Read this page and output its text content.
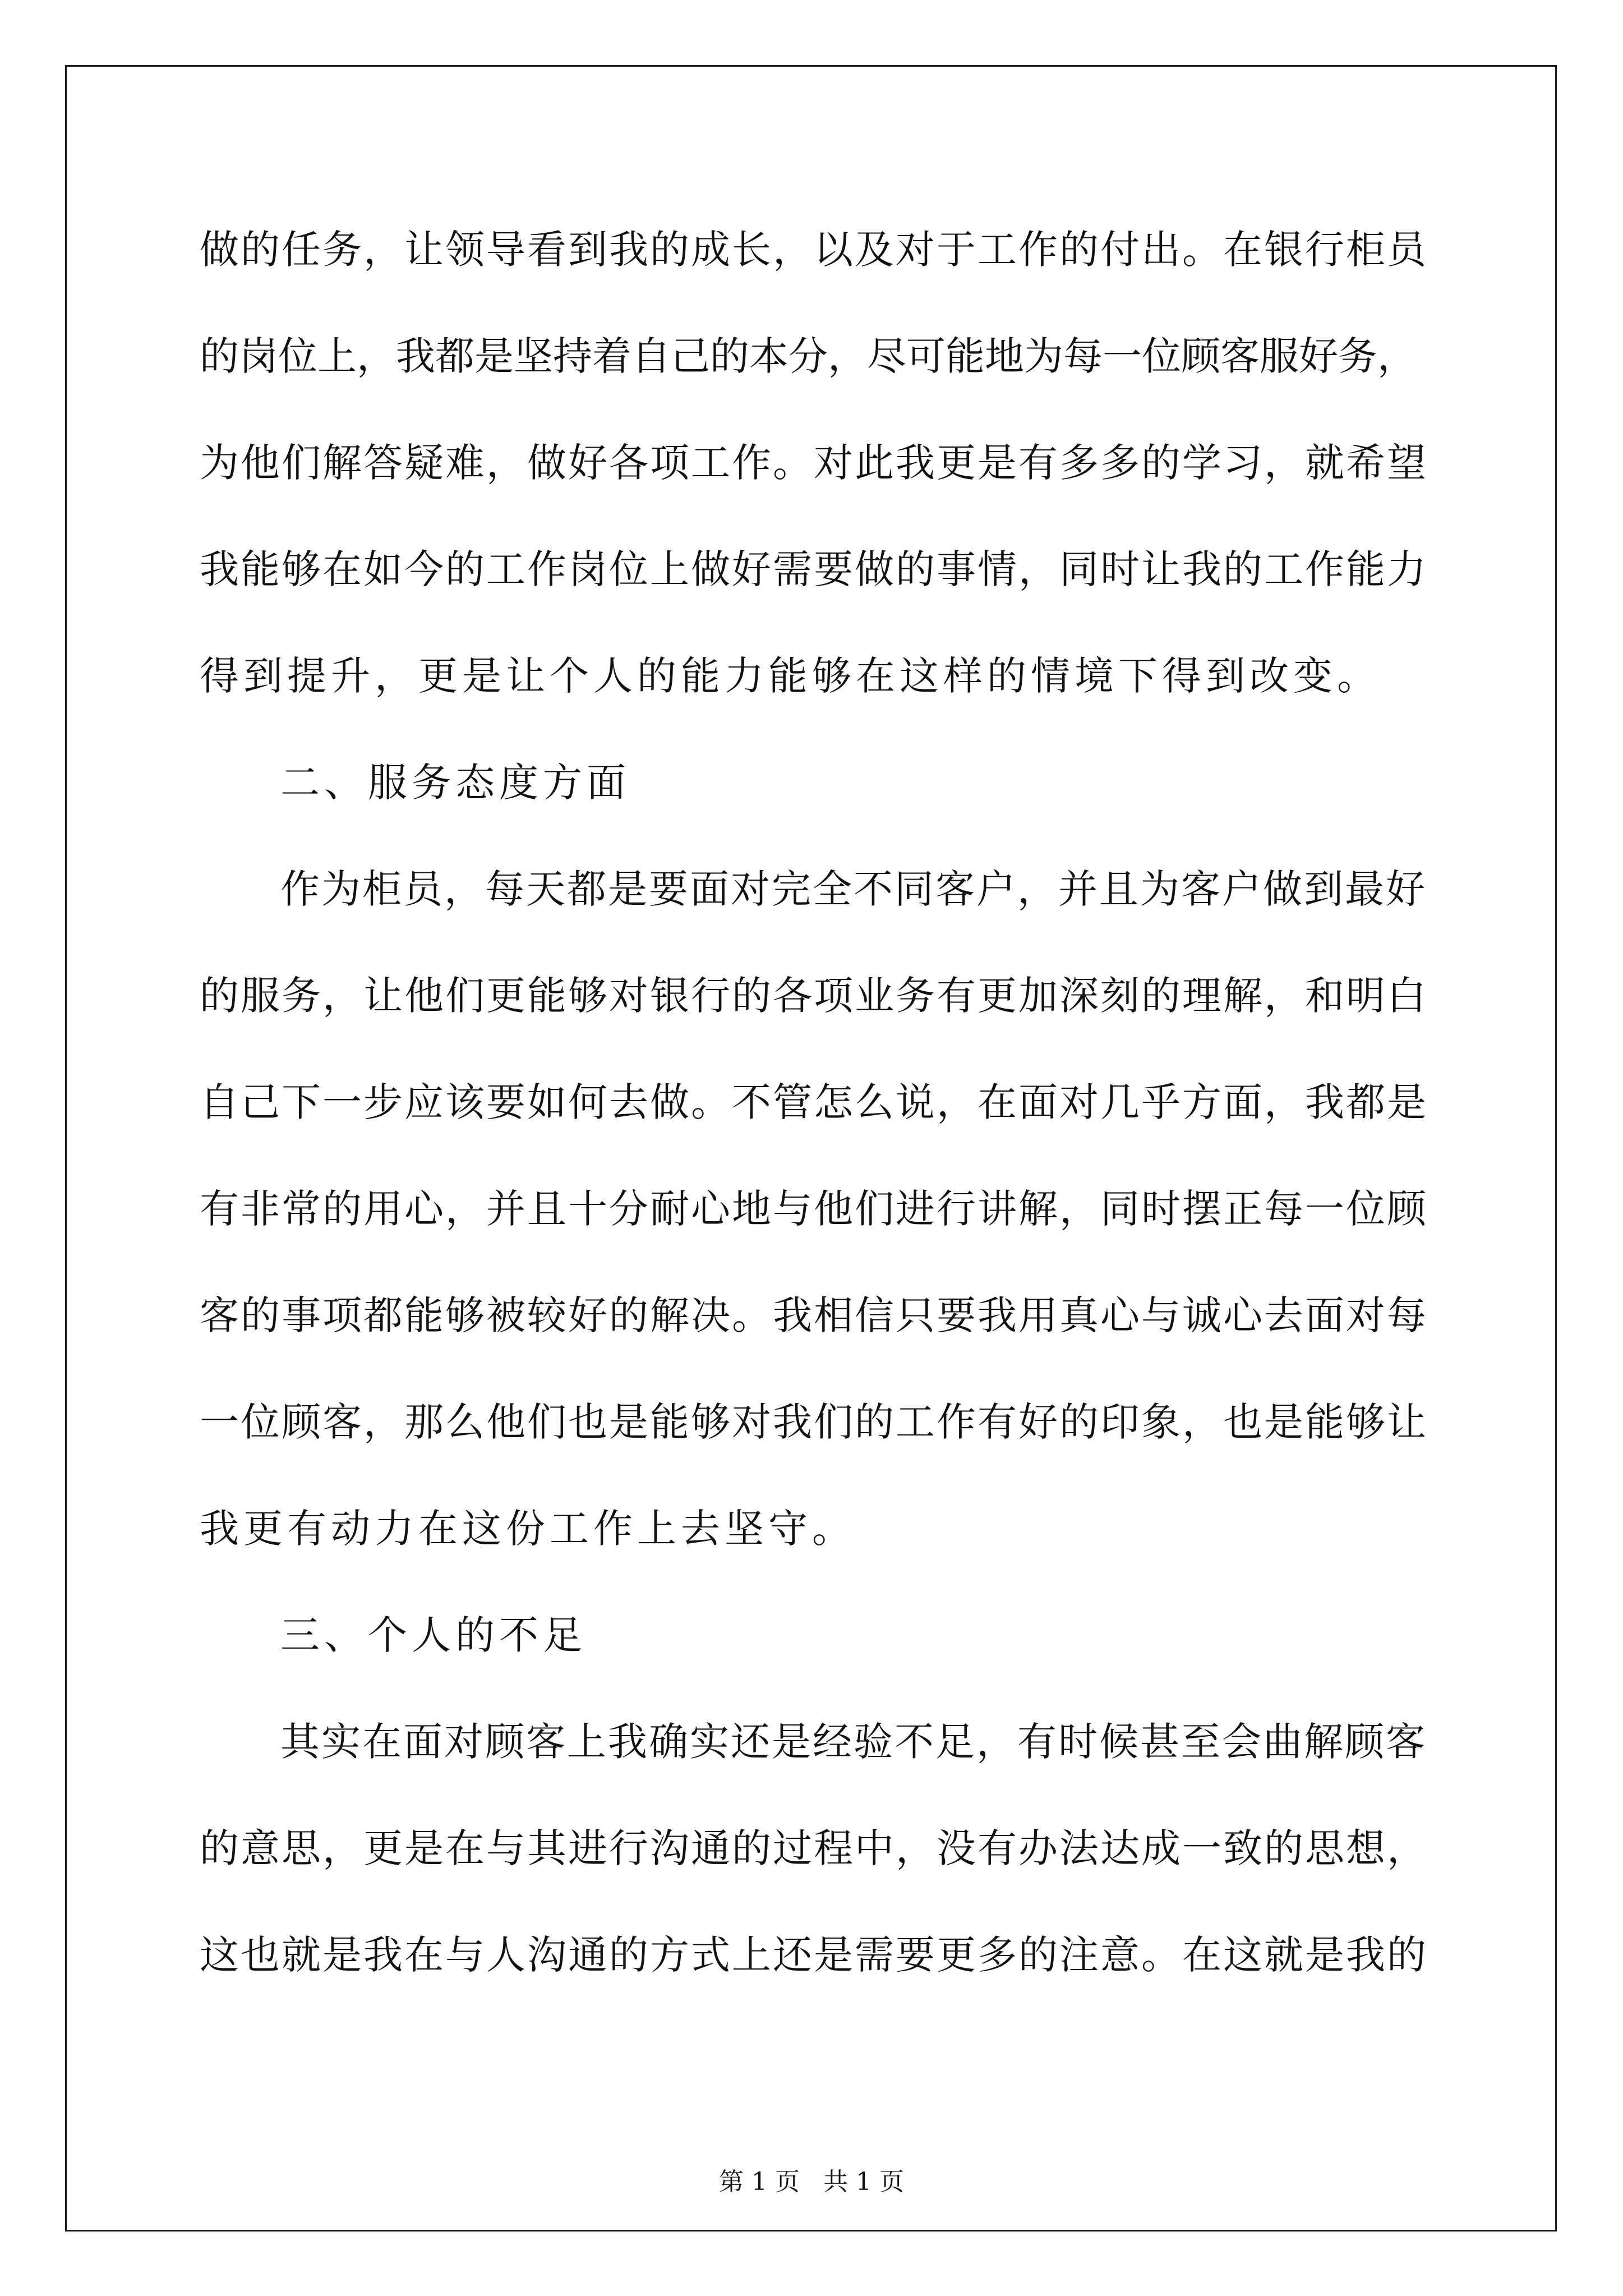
做的任务，让领导看到我的成长，以及对于工作的付出。在银行柜员

的岗位上，我都是坚持着自己的本分，尽可能地为每一位顾客服好务，

为他们解答疑难，做好各项工作。对此我更是有多多的学习，就希望

我能够在如今的工作岗位上做好需要做的事情，同时让我的工作能力

得到提升，更是让个人的能力能够在这样的情境下得到改变。

二、服务态度方面

作为柜员，每天都是要面对完全不同客户，并且为客户做到最好

的服务，让他们更能够对银行的各项业务有更加深刻的理解，和明白

自己下一步应该要如何去做。不管怎么说，在面对几乎方面，我都是

有非常的用心，并且十分耐心地与他们进行讲解，同时摆正每一位顾

客的事项都能够被较好的解决。我相信只要我用真心与诚心去面对每

一位顾客，那么他们也是能够对我们的工作有好的印象，也是能够让

我更有动力在这份工作上去坚守。

三、个人的不足

其实在面对顾客上我确实还是经验不足，有时候甚至会曲解顾客

的意思，更是在与其进行沟通的过程中，没有办法达成一致的思想，

这也就是我在与人沟通的方式上还是需要更多的注意。在这就是我的

第 1 页   共 1 页
